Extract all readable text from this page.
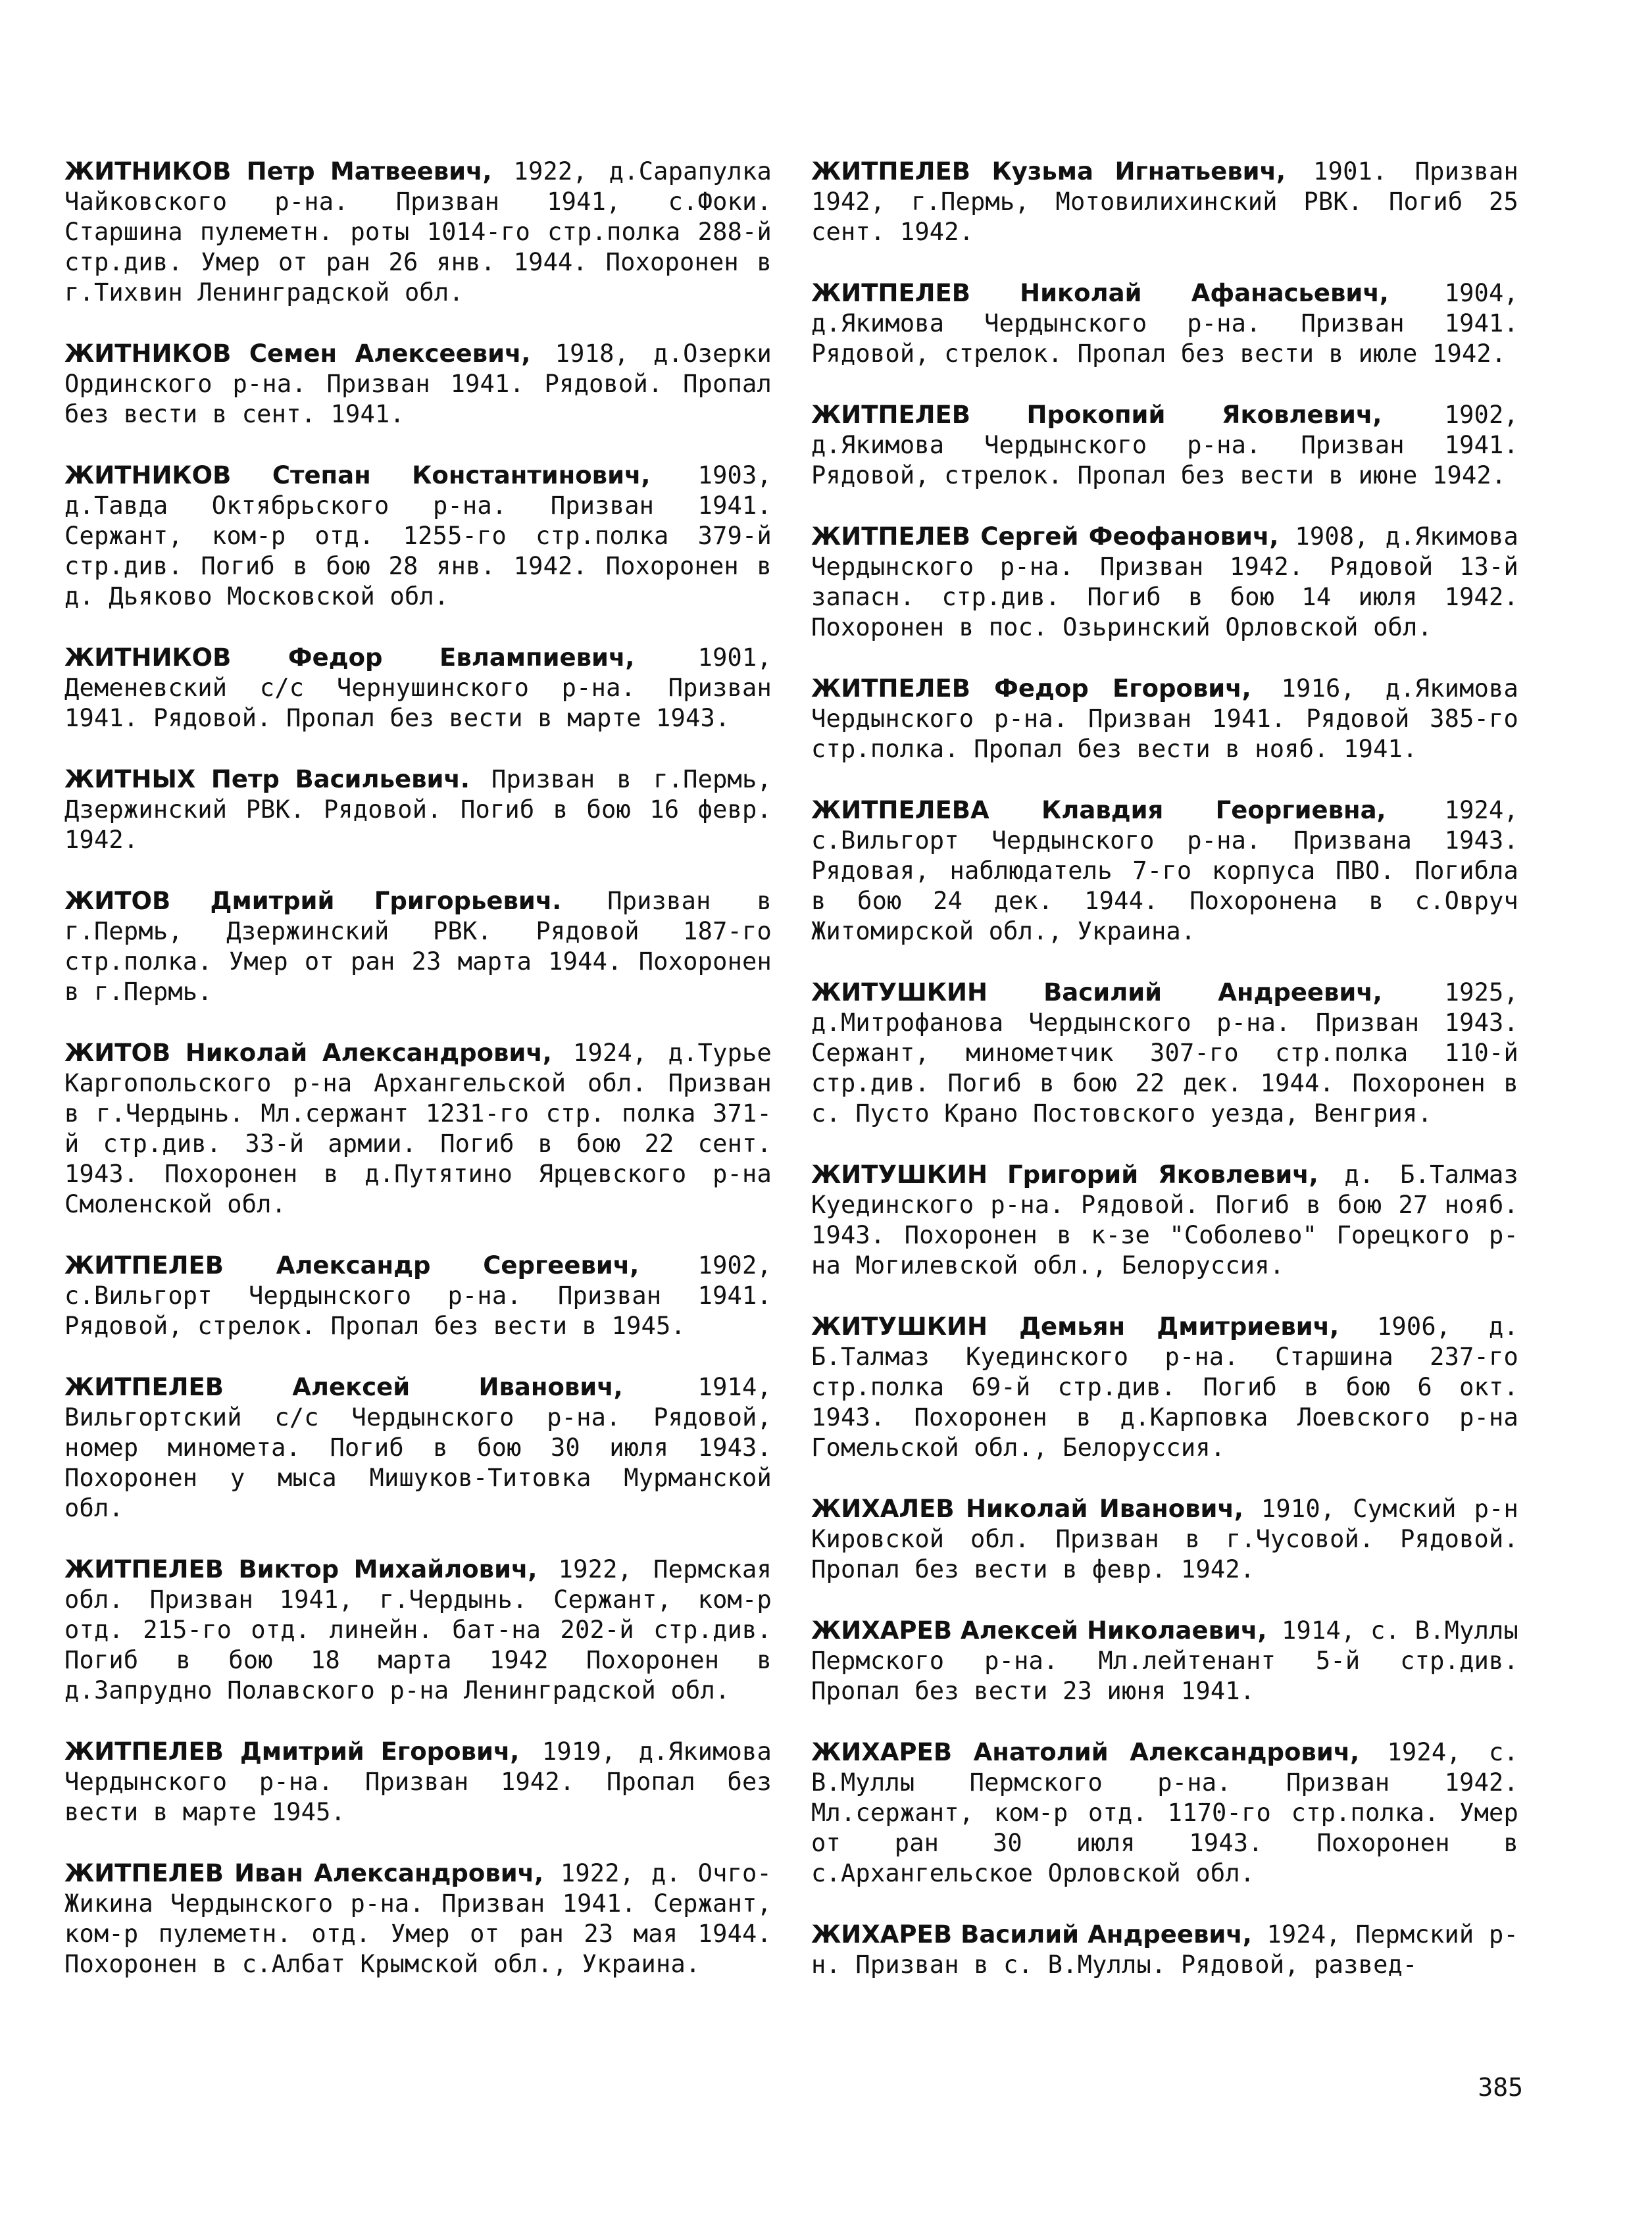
ЖИТНИКОВ Петр Матвеевич, 1922, д.Сарапулка Чайковского р-на. Призван 1941, с.Фоки. Старшина пулеметн. роты 1014-го стр.полка 288-й стр.див. Умер от ран 26 янв. 1944. Похоронен в г.Тихвин Ленинградской обл.
ЖИТНИКОВ Семен Алексеевич, 1918, д.Озерки Ординского р-на. Призван 1941. Рядовой. Пропал без вести в сент. 1941.
ЖИТНИКОВ Степан Константинович, 1903, д.Тавда Октябрьского р-на. Призван 1941. Сержант, ком-р отд. 1255-го стр.полка 379-й стр.див. Погиб в бою 28 янв. 1942. Похоронен в д. Дьяково Московской обл.
ЖИТНИКОВ Федор Евлампиевич,	1901, Деменевский с/с Чернушинского р-на. Призван 1941. Рядовой. Пропал без вести в марте 1943.
ЖИТНЫХ Петр Васильевич. Призван в г.Пермь, Дзержинский РВК. Рядовой. Погиб в бою 16 февр. 1942.
ЖИТОВ Дмитрий Григорьевич. Призван в г.Пермь, Дзержинский РВК. Рядовой 187-го стр.полка. Умер от ран 23 марта 1944. Похоронен в г.Пермь.
ЖИТОВ Николай Александрович, 1924, д.Турье Каргопольского р-на Архангельской обл. Призван в г.Чердынь. Мл.сержант 1231-го стр. полка 371-й стр.див. 33-й армии. Погиб в бою 22 сент. 1943. Похоронен в д.Путятино Ярцевского р-на Смоленской обл.
ЖИТПЕЛЕВ Александр Сергеевич, 1902, с.Вильгорт Чердынского р-на. Призван 1941. Рядовой, стрелок. Пропал без вести в 1945.
ЖИТПЕЛЕВ Алексей Иванович,	1914, Вильгортский с/с Чердынского р-на. Рядовой, номер миномета. Погиб в бою 30 июля 1943. Похоронен у мыса Мишуков-Титовка Мурманской обл.
ЖИТПЕЛЕВ Виктор Михайлович, 1922, Пермская обл. Призван 1941, г.Чердынь. Сержант, ком-р отд. 215-го отд. линейн. бат-на 202-й стр.див. Погиб в бою 18 марта 1942 Похоронен в д.Запрудно Полавского р-на Ленинградской обл.
ЖИТПЕЛЕВ Дмитрий Егорович, 1919, д.Якимова Чердынского р-на. Призван 1942. Пропал без вести в марте 1945.
ЖИТПЕЛЕВ Иван Александрович, 1922, д. Очго-Жикина Чердынского р-на. Призван 1941. Сержант, ком-р пулеметн. отд. Умер от ран 23 мая 1944. Похоронен в с.Албат Крымской обл., Украина.
ЖИТПЕЛЕВ Кузьма Игнатьевич, 1901. Призван 1942, г.Пермь, Мотовилихинский РВК. Погиб 25 сент. 1942.
ЖИТПЕЛЕВ Николай Афанасьевич, 1904, д.Якимова Чердынского р-на. Призван 1941. Рядовой, стрелок. Пропал без вести в июле 1942.
ЖИТПЕЛЕВ Прокопий Яковлевич,	1902, д.Якимова Чердынского р-на. Призван 1941. Рядовой, стрелок. Пропал без вести в июне 1942.
ЖИТПЕЛЕВ Сергей Феофанович, 1908, д.Якимова Чердынского р-на. Призван 1942. Рядовой 13-й запасн. стр.див. Погиб в бою 14 июля 1942. Похоронен в пос. Озьринский Орловской обл.
ЖИТПЕЛЕВ Федор Егорович, 1916, д.Якимова Чердынского р-на. Призван 1941. Рядовой 385-го стр.полка. Пропал без вести в нояб. 1941.
ЖИТПЕЛЕВА Клавдия Георгиевна, 1924, с.Вильгорт Чердынского р-на. Призвана 1943. Рядовая, наблюдатель 7-го корпуса ПВО. Погибла в бою 24 дек. 1944. Похоронена в с.Овруч Житомирской обл., Украина.
ЖИТУШКИН Василий Андреевич,	1925, д.Митрофанова Чердынского р-на. Призван 1943. Сержант, минометчик 307-го стр.полка 110-й стр.див. Погиб в бою 22 дек. 1944. Похоронен в с. Пусто Крано Постовского уезда, Венгрия.
ЖИТУШКИН Григорий Яковлевич, д. Б.Талмаз Куединского р-на. Рядовой. Погиб в бою 27 нояб. 1943. Похоронен в к-зе "Соболево" Горецкого р-на Могилевской обл., Белоруссия.
ЖИТУШКИН Демьян Дмитриевич, 1906, д. Б.Талмаз Куединского р-на. Старшина 237-го стр.полка 69-й стр.див. Погиб в бою 6 окт. 1943. Похоронен в д.Карповка Лоевского р-на Гомельской обл., Белоруссия.
ЖИХАЛЕВ Николай Иванович, 1910, Сумский р-н Кировской обл. Призван в г.Чусовой. Рядовой. Пропал без вести в февр. 1942.
ЖИХАРЕВ Алексей Николаевич, 1914, с. В.Муллы Пермского р-на. Мл.лейтенант 5-й стр.див. Пропал без вести 23 июня 1941.
ЖИХАРЕВ Анатолий Александрович, 1924, с. В.Муллы Пермского р-на. Призван 1942. Мл.сержант, ком-р отд. 1170-го стр.полка. Умер от ран 30 июля 1943. Похоронен в с.Архангельское Орловской обл.
ЖИХАРЕВ Василий Андреевич, 1924, Пермский р-н. Призван в с. В.Муллы. Рядовой, развед-
385
